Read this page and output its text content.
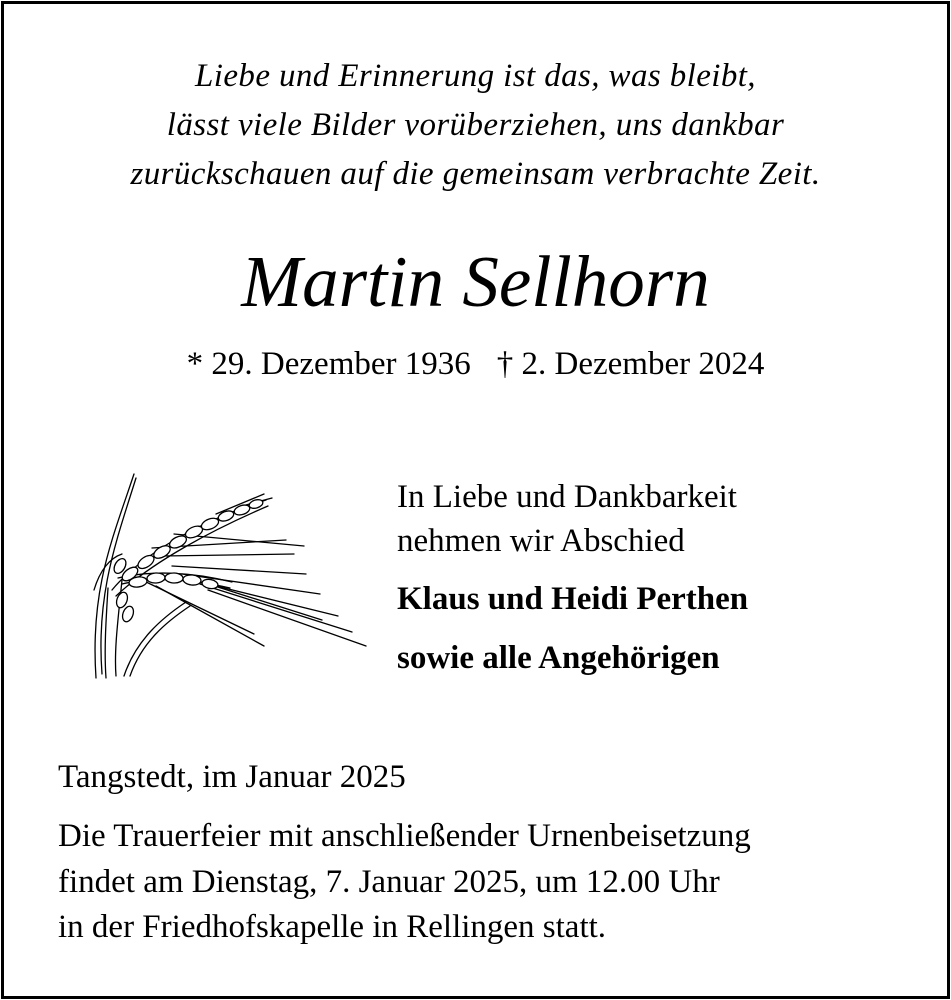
Liebe und Erinnerung ist das, was bleibt,
lässt viele Bilder vorüberziehen, uns dankbar
zurückschauen auf die gemeinsam verbrachte Zeit.
Martin Sellhorn
* 29. Dezember 1936 † 2. Dezember 2024
In Liebe und Dankbarkeit
nehmen wir Abschied
Klaus und Heidi Perthen
sowie alle Angehörigen
Tangstedt, im Januar 2025
Die Trauerfeier mit anschließender Urnenbeisetzung
findet am Dienstag, 7. Januar 2025, um 12.00 Uhr
in der Friedhofskapelle in Rellingen statt.
